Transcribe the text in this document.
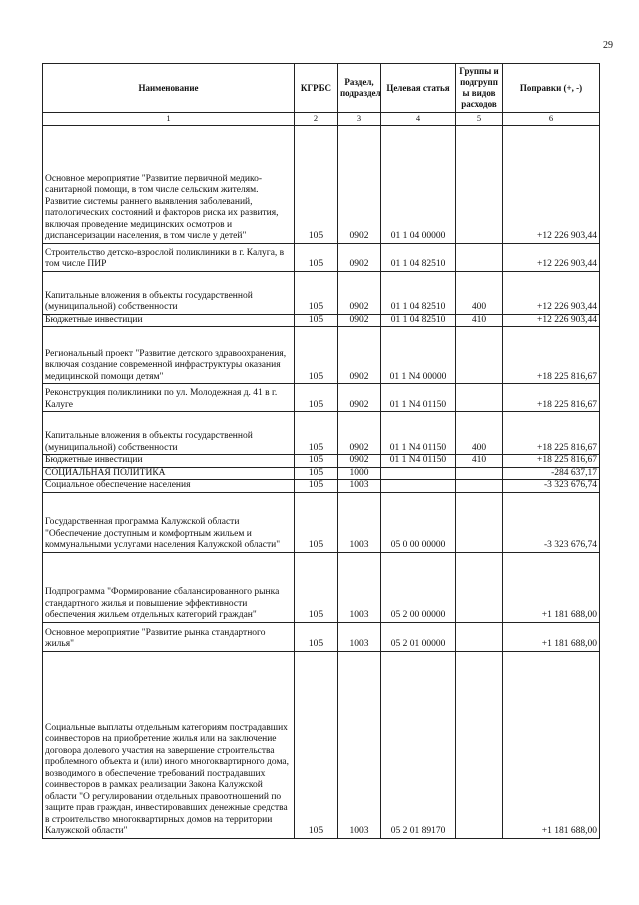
29
Наименование	КГРБС	Раздел, подраздел	Целевая статья	Группы и подгрупп ы видов расходов	Поправки (+, -)
1	2	3	4	5	6
Основное мероприятие "Развитие первичной медико-санитарной помощи, в том числе сельским жителям. Развитие системы раннего выявления заболеваний, патологических состояний и факторов риска их развития, включая проведение медицинских осмотров и диспансеризации населения, в том числе у детей"	105	0902	01 1 04 00000		+12 226 903,44
Строительство детско-взрослой поликлиники в г. Калуга, в том числе ПИР	105	0902	01 1 04 82510		+12 226 903,44
Капитальные вложения в объекты государственной (муниципальной) собственности	105	0902	01 1 04 82510	400	+12 226 903,44
Бюджетные инвестиции	105	0902	01 1 04 82510	410	+12 226 903,44
Региональный проект "Развитие детского здравоохранения, включая создание современной инфраструктуры оказания медицинской помощи детям"	105	0902	01 1 N4 00000		+18 225 816,67
Реконструкция поликлиники по ул. Молодежная д. 41 в г. Калуге	105	0902	01 1 N4 01150		+18 225 816,67
Капитальные вложения в объекты государственной (муниципальной) собственности	105	0902	01 1 N4 01150	400	+18 225 816,67
Бюджетные инвестиции	105	0902	01 1 N4 01150	410	+18 225 816,67
СОЦИАЛЬНАЯ ПОЛИТИКА	105	1000			-284 637,17
Социальное обеспечение населения	105	1003			-3 323 676,74
Государственная программа Калужской области "Обеспечение доступным и комфортным жильем и коммунальными услугами населения Калужской области"	105	1003	05 0 00 00000		-3 323 676,74
Подпрограмма "Формирование сбалансированного рынка стандартного жилья и повышение эффективности обеспечения жильем отдельных категорий граждан"	105	1003	05 2 00 00000		+1 181 688,00
Основное мероприятие "Развитие рынка стандартного жилья"	105	1003	05 2 01 00000		+1 181 688,00
Социальные выплаты отдельным категориям пострадавших соинвесторов на приобретение жилья или на заключение договора долевого участия на завершение строительства проблемного объекта и (или) иного многоквартирного дома, возводимого в обеспечение требований пострадавших соинвесторов в рамках реализации Закона Калужской области "О регулировании отдельных правоотношений по защите прав граждан, инвестировавших денежные средства в строительство многоквартирных домов на территории Калужской области"	105	1003	05 2 01 89170		+1 181 688,00
